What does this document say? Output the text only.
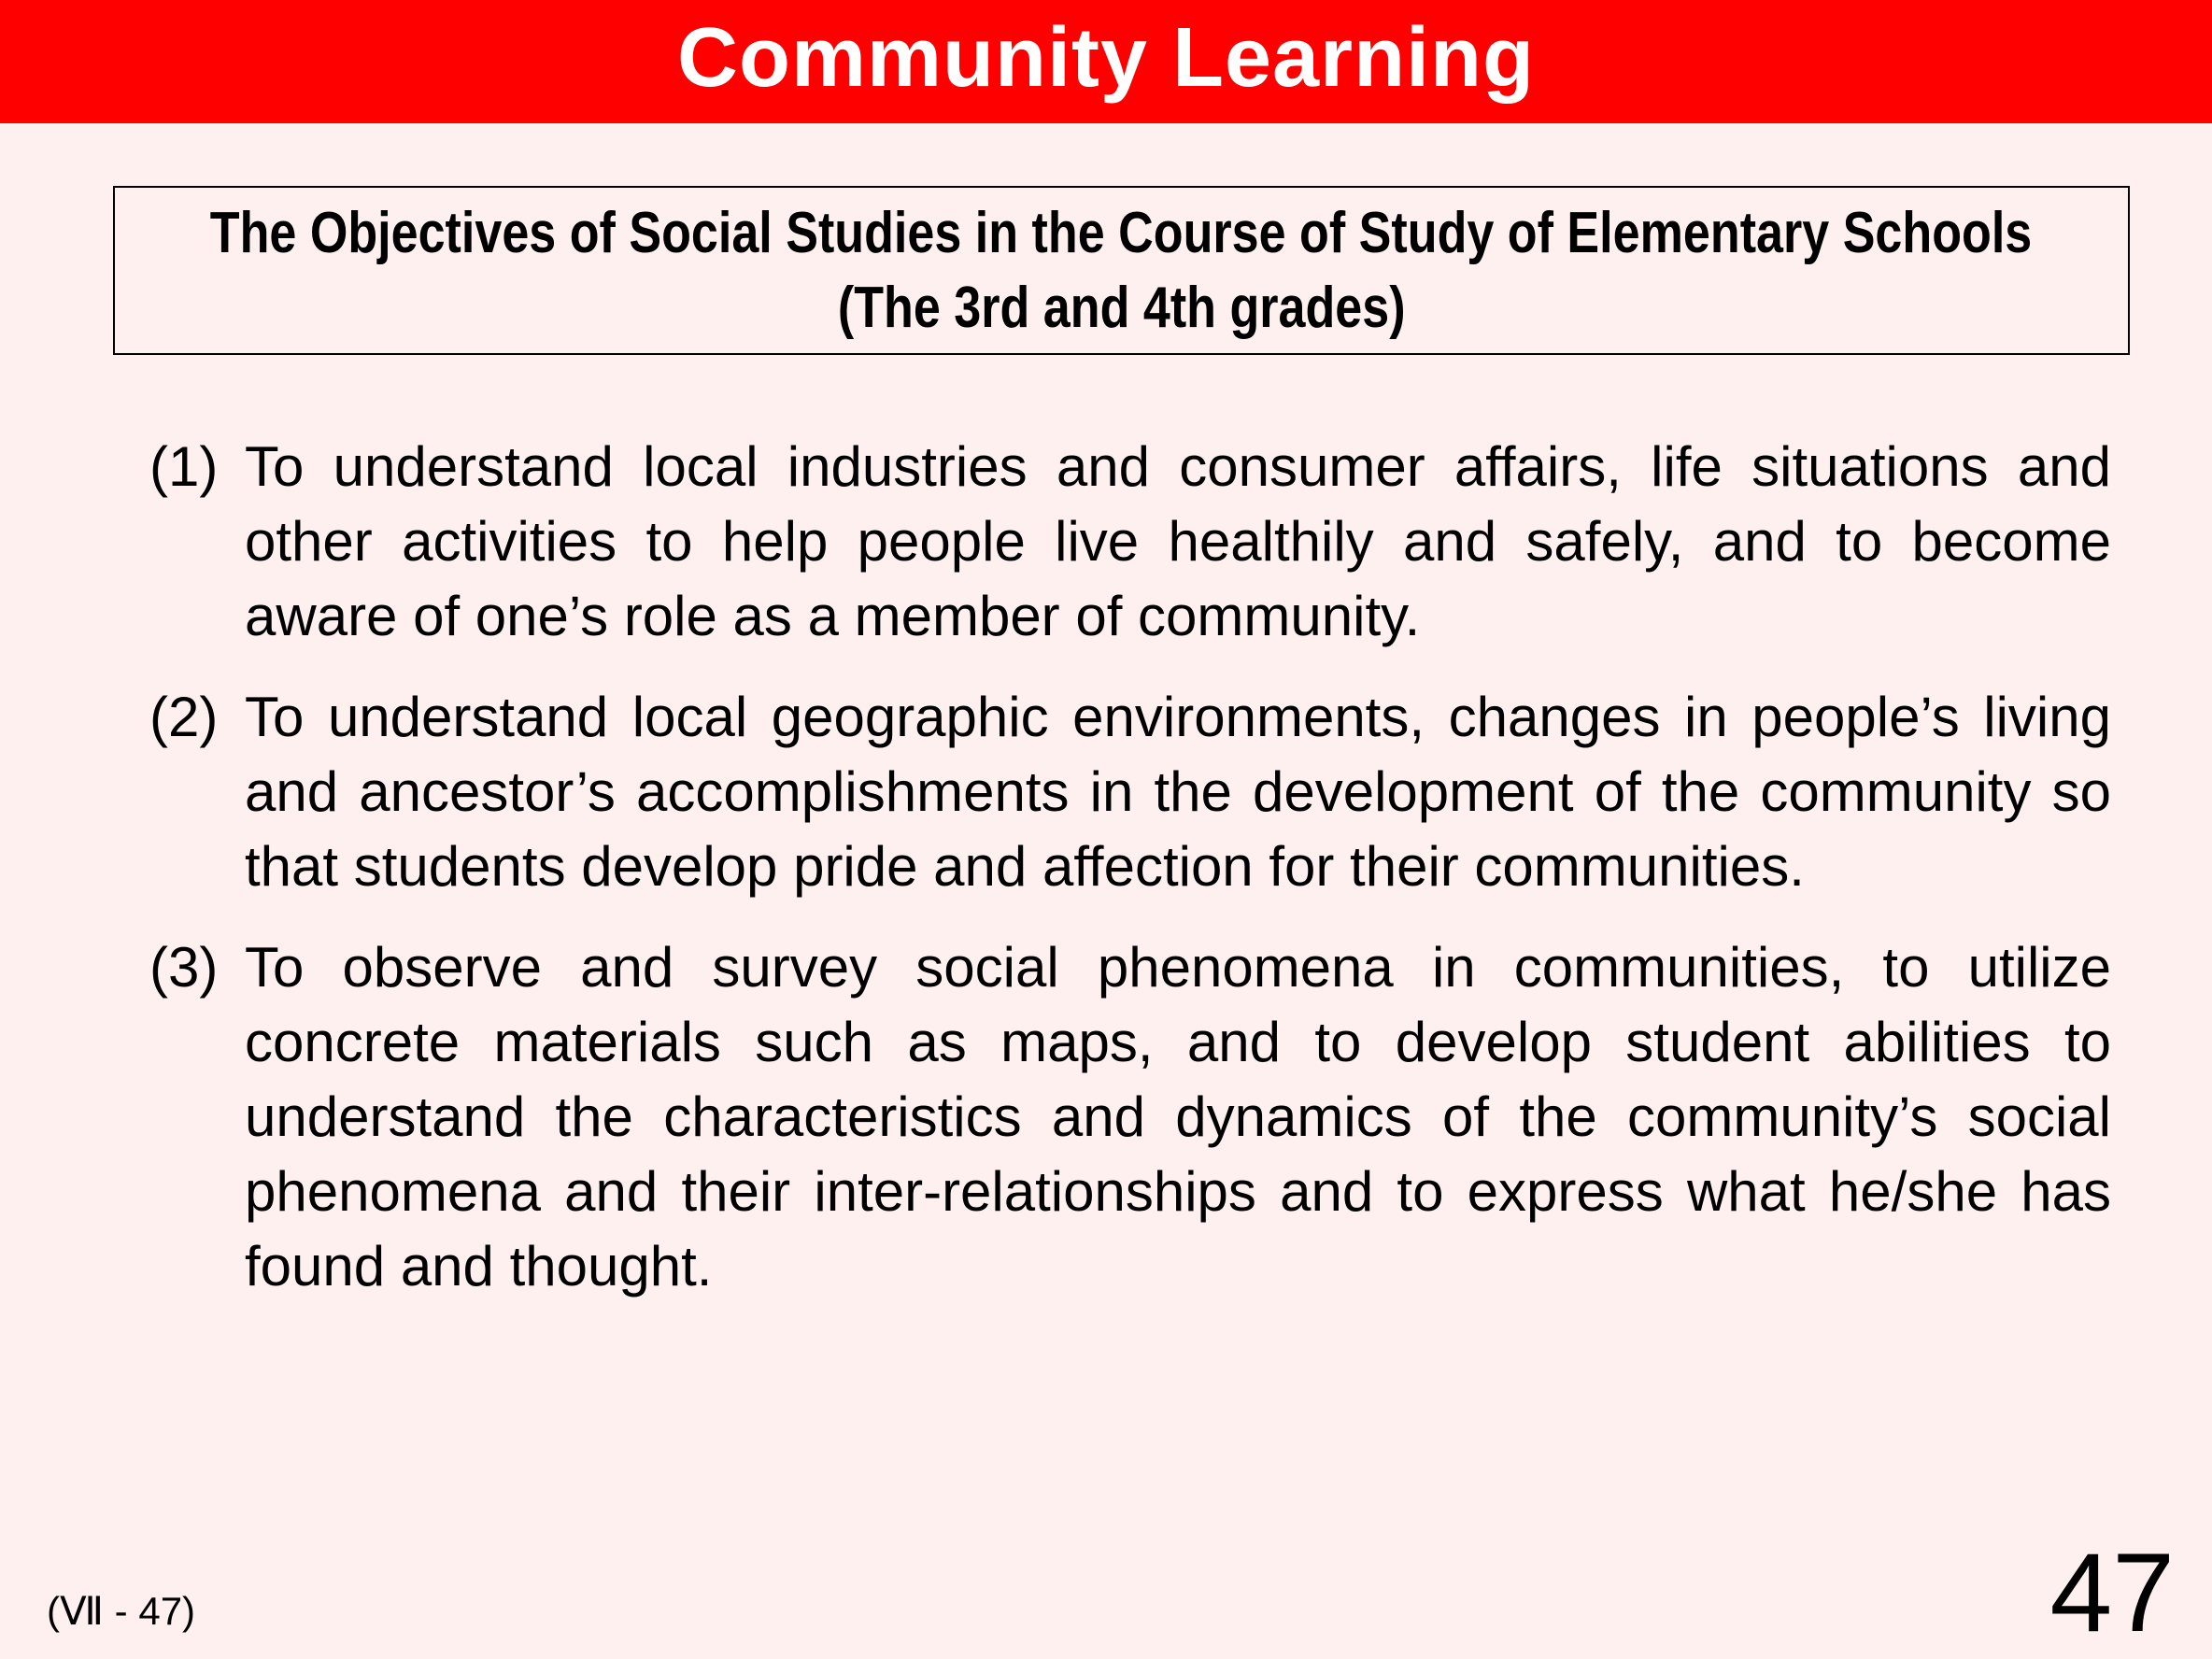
Community Learning
The Objectives of Social Studies in the Course of Study of Elementary Schools
(The 3rd and 4th grades)
(1) To understand local industries and consumer affairs, life situations and other activities to help people live healthily and safely, and to become aware of one’s role as a member of community.
(2) To understand local geographic environments, changes in people’s living and ancestor’s accomplishments in the development of the community so that students develop pride and affection for their communities.
(3) To observe and survey social phenomena in communities, to utilize concrete materials such as maps, and to develop student abilities to understand the characteristics and dynamics of the community’s social phenomena and their inter-relationships and to express what he/she has found and thought.
(Ⅶ - 47)	47
